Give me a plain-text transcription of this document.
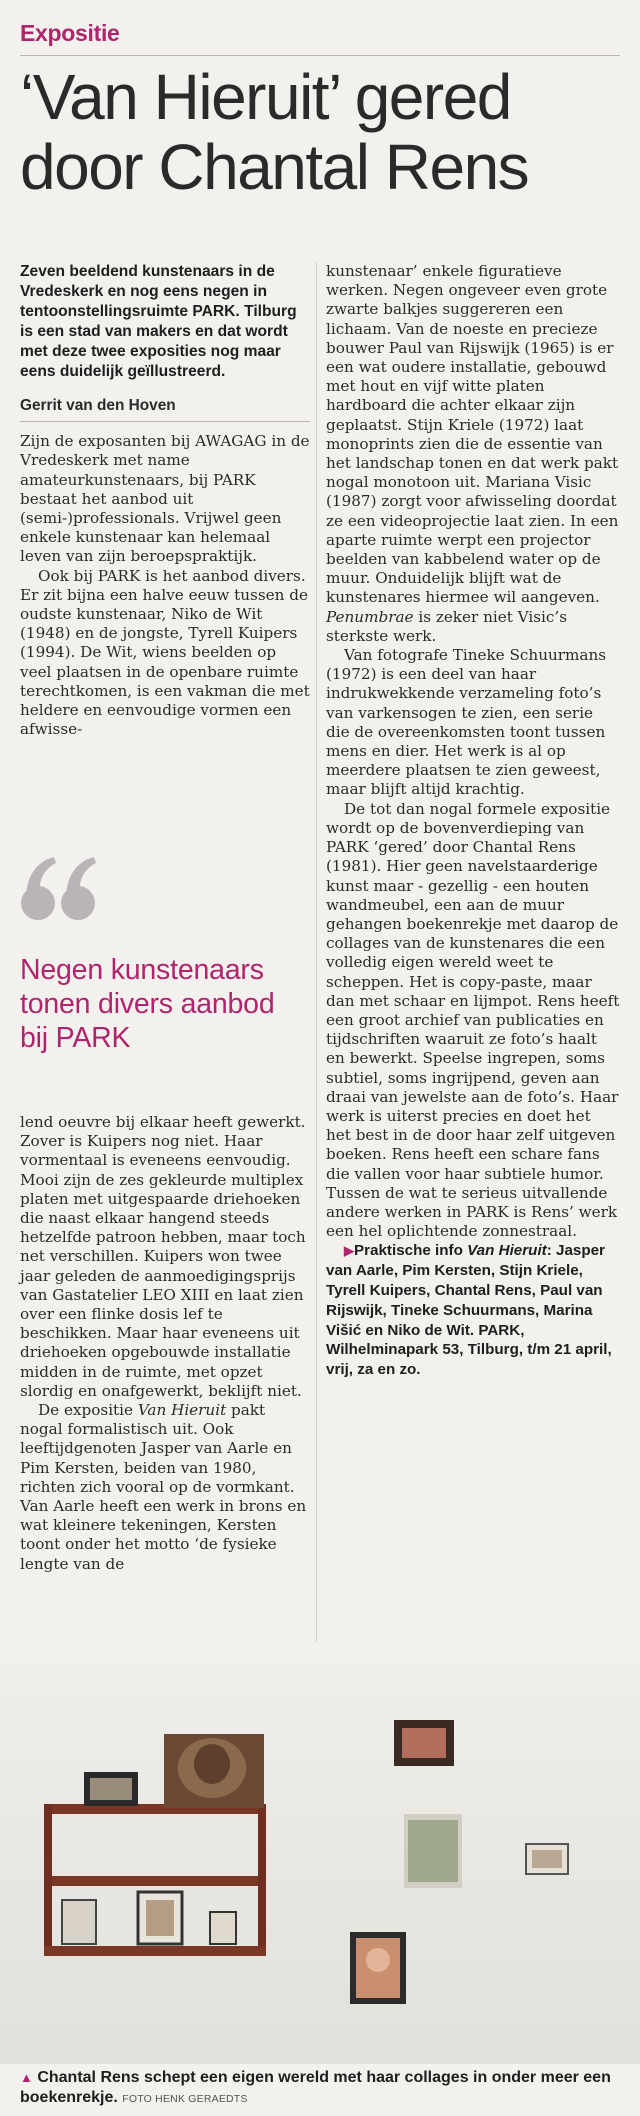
Expositie
‘Van Hieruit’ gered
door Chantal Rens

Zeven beeldend kunstenaars in de Vredeskerk en nog eens negen in tentoonstellingsruimte PARK. Tilburg is een stad van makers en dat wordt met deze twee exposities nog maar eens duidelijk geïllustreerd.

Gerrit van den Hoven

Zijn de exposanten bij AWAGAG in de Vredeskerk met name amateurkunstenaars, bij PARK bestaat het aanbod uit (semi-)professionals. Vrijwel geen enkele kunstenaar kan helemaal leven van zijn beroepspraktijk.

Ook bij PARK is het aanbod divers. Er zit bijna een halve eeuw tussen de oudste kunstenaar, Niko de Wit (1948) en de jongste, Tyrell Kuipers (1994). De Wit, wiens beelden op veel plaatsen in de openbare ruimte terechtkomen, is een vakman die met heldere en eenvoudige vormen een afwisse-

Negen kunstenaars tonen divers aanbod bij PARK

lend oeuvre bij elkaar heeft gewerkt. Zover is Kuipers nog niet. Haar vormentaal is eveneens eenvoudig. Mooi zijn de zes gekleurde multiplex platen met uitgespaarde driehoeken die naast elkaar hangend steeds hetzelfde patroon hebben, maar toch net verschillen. Kuipers won twee jaar geleden de aanmoedigingsprijs van Gastatelier LEO XIII en laat zien over een flinke dosis lef te beschikken. Maar haar eveneens uit driehoeken opgebouwde installatie midden in de ruimte, met opzet slordig en onafgewerkt, beklijft niet.

De expositie Van Hieruit pakt nogal formalistisch uit. Ook leeftijdgenoten Jasper van Aarle en Pim Kersten, beiden van 1980, richten zich vooral op de vormkant. Van Aarle heeft een werk in brons en wat kleinere tekeningen, Kersten toont onder het motto ‘de fysieke lengte van de

kunstenaar’ enkele figuratieve werken. Negen ongeveer even grote zwarte balkjes suggereren een lichaam. Van de noeste en precieze bouwer Paul van Rijswijk (1965) is er een wat oudere installatie, gebouwd met hout en vijf witte platen hardboard die achter elkaar zijn geplaatst. Stijn Kriele (1972) laat monoprints zien die de essentie van het landschap tonen en dat werk pakt nogal monotoon uit. Mariana Visic (1987) zorgt voor afwisseling doordat ze een videoprojectie laat zien. In een aparte ruimte werpt een projector beelden van kabbelend water op de muur. Onduidelijk blijft wat de kunstenares hiermee wil aangeven. Penumbrae is zeker niet Visic’s sterkste werk.

Van fotografe Tineke Schuurmans (1972) is een deel van haar indrukwekkende verzameling foto’s van varkensogen te zien, een serie die de overeenkomsten toont tussen mens en dier. Het werk is al op meerdere plaatsen te zien geweest, maar blijft altijd krachtig.

De tot dan nogal formele expositie wordt op de bovenverdieping van PARK ‘gered’ door Chantal Rens (1981). Hier geen navelstaarderige kunst maar - gezellig - een houten wandmeubel, een aan de muur gehangen boekenrekje met daarop de collages van de kunstenares die een volledig eigen wereld weet te scheppen. Het is copy-paste, maar dan met schaar en lijmpot. Rens heeft een groot archief van publicaties en tijdschriften waaruit ze foto’s haalt en bewerkt. Speelse ingrepen, soms subtiel, soms ingrijpend, geven aan draai van jewelste aan de foto’s. Haar werk is uiterst precies en doet het het best in de door haar zelf uitgeven boeken. Rens heeft een schare fans die vallen voor haar subtiele humor. Tussen de wat te serieus uitvallende andere werken in PARK is Rens’ werk een hel oplichtende zonnestraal.

▶Praktische info Van Hieruit: Jasper van Aarle, Pim Kersten, Stijn Kriele, Tyrell Kuipers, Chantal Rens, Paul van Rijswijk, Tineke Schuurmans, Marina Višić en Niko de Wit. PARK, Wilhelminapark 53, Tilburg, t/m 21 april, vrij, za en zo.

▲ Chantal Rens schept een eigen wereld met haar collages in onder meer een boekenrekje. FOTO HENK GERAEDTS
